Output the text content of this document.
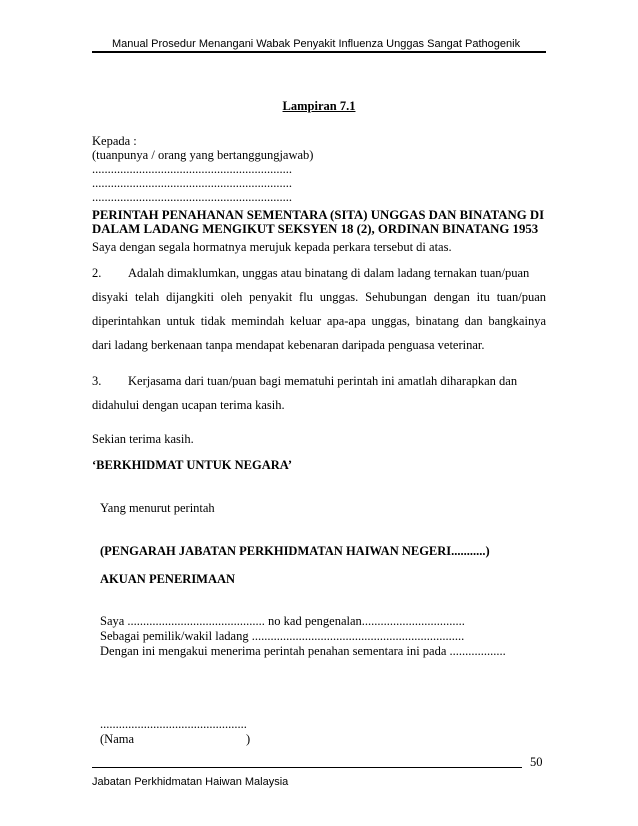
Manual Prosedur Menangani Wabak Penyakit Influenza Unggas Sangat Pathogenik
Lampiran 7.1
Kepada :
(tuanpunya / orang yang bertanggungjawab)
................................................................
................................................................
................................................................
PERINTAH PENAHANAN SEMENTARA (SITA) UNGGAS DAN BINATANG DI
DALAM LADANG MENGIKUT SEKSYEN 18 (2), ORDINAN BINATANG 1953
Saya dengan segala hormatnya merujuk kepada perkara tersebut di atas.
2. Adalah dimaklumkan, unggas atau binatang di dalam ladang ternakan tuan/puan
disyaki telah dijangkiti oleh penyakit flu unggas. Sehubungan dengan itu tuan/puan
diperintahkan untuk tidak memindah keluar apa-apa unggas, binatang dan bangkainya
dari ladang berkenaan tanpa mendapat kebenaran daripada penguasa veterinar.
3. Kerjasama dari tuan/puan bagi mematuhi perintah ini amatlah diharapkan dan
didahului dengan ucapan terima kasih.
Sekian terima kasih.
‘BERKHIDMAT UNTUK NEGARA’
Yang menurut perintah
(PENGARAH JABATAN PERKHIDMATAN HAIWAN NEGERI...........)
AKUAN PENERIMAAN
Saya ............................................ no kad pengenalan.................................
Sebagai pemilik/wakil ladang ....................................................................
Dengan ini mengakui menerima perintah penahan sementara ini pada ..................
...............................................
(Nama	)
50
Jabatan Perkhidmatan Haiwan Malaysia
